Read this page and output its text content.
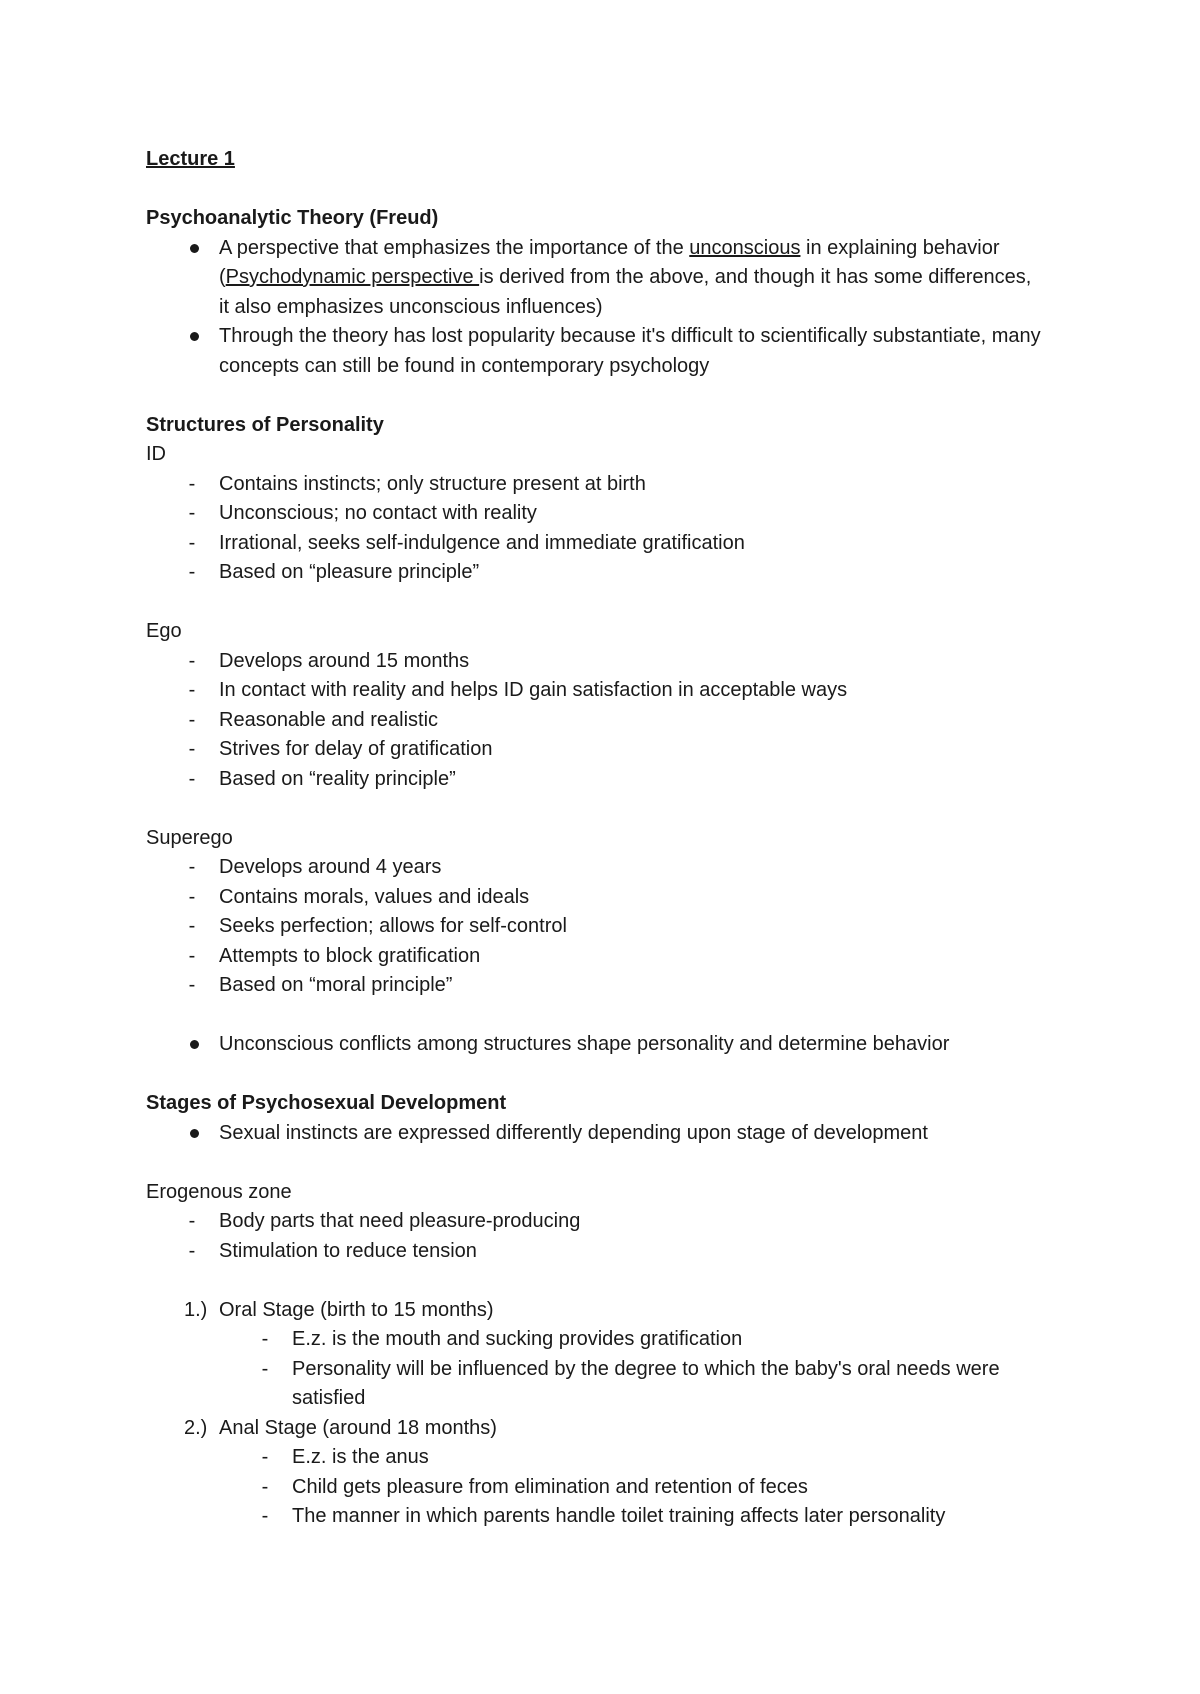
Lecture 1
Psychoanalytic Theory (Freud)
A perspective that emphasizes the importance of the unconscious in explaining behavior
(Psychodynamic perspective is derived from the above, and though it has some differences, it also emphasizes unconscious influences)
Through the theory has lost popularity because it's difficult to scientifically substantiate, many concepts can still be found in contemporary psychology
Structures of Personality
ID
-	Contains instincts; only structure present at birth
-	Unconscious; no contact with reality
-	Irrational, seeks self-indulgence and immediate gratification
-	Based on “pleasure principle”
Ego
-	Develops around 15 months
-	In contact with reality and helps ID gain satisfaction in acceptable ways
-	Reasonable and realistic
-	Strives for delay of gratification
-	Based on “reality principle”
Superego
-	Develops around 4 years
-	Contains morals, values and ideals
-	Seeks perfection; allows for self-control
-	Attempts to block gratification
-	Based on “moral principle”
Unconscious conflicts among structures shape personality and determine behavior
Stages of Psychosexual Development
Sexual instincts are expressed differently depending upon stage of development
Erogenous zone
-	Body parts that need pleasure-producing
-	Stimulation to reduce tension
1.) Oral Stage (birth to 15 months)
-	E.z. is the mouth and sucking provides gratification
-	Personality will be influenced by the degree to which the baby's oral needs were satisfied
2.) Anal Stage (around 18 months)
-	E.z. is the anus
-	Child gets pleasure from elimination and retention of feces
-	The manner in which parents handle toilet training affects later personality
